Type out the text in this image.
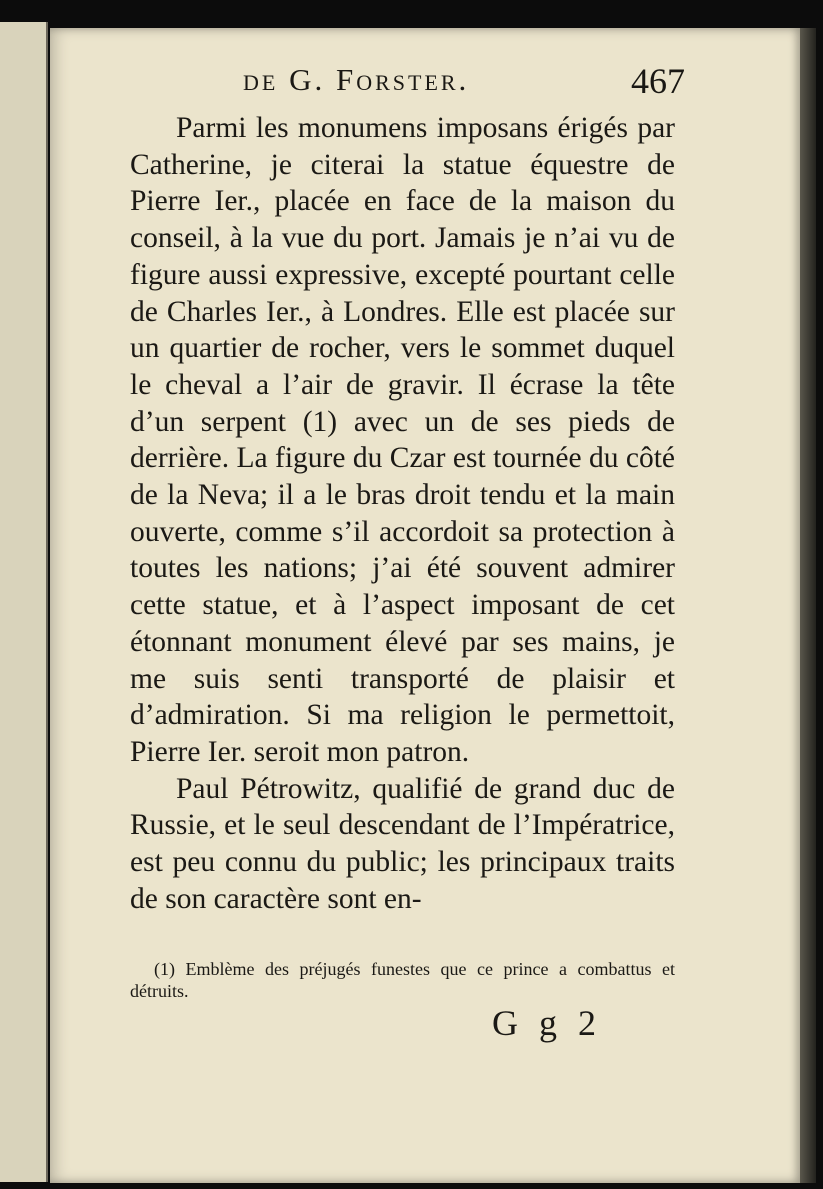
de G. Forster.	467

Parmi les monumens imposans érigés par Catherine, je citerai la statue équestre de Pierre Ier., placée en face de la maison du conseil, à la vue du port. Jamais je n’ai vu de figure aussi expressive, excepté pourtant celle de Charles Ier., à Londres. Elle est placée sur un quartier de rocher, vers le sommet duquel le cheval a l’air de gravir. Il écrase la tête d’un serpent (1) avec un de ses pieds de derrière. La figure du Czar est tournée du côté de la Neva; il a le bras droit tendu et la main ouverte, comme s’il accordoit sa protection à toutes les nations; j’ai été souvent admirer cette statue, et à l’aspect imposant de cet étonnant monument élevé par ses mains, je me suis senti transporté de plaisir et d’admiration. Si ma religion le permettoit, Pierre Ier. seroit mon patron.

Paul Pétrowitz, qualifié de grand duc de Russie, et le seul descendant de l’Impératrice, est peu connu du public; les principaux traits de son caractère sont en-

(1) Emblème des préjugés funestes que ce prince a combattus et détruits.

G g 2
